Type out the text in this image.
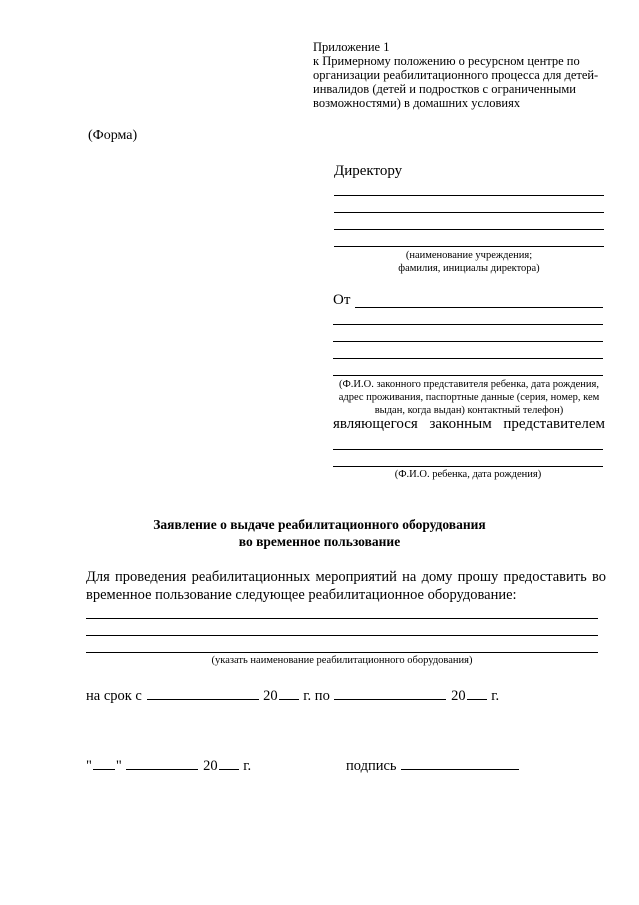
Приложение 1
к Примерному положению о ресурсном центре по
организации реабилитационного процесса для детей-
инвалидов (детей и подростков с ограниченными
возможностями) в домашних условиях
(Форма)
Директору
(наименование учреждения;
фамилия, инициалы директора)
От
(Ф.И.О. законного представителя ребенка, дата рождения,
адрес проживания, паспортные данные (серия, номер, кем
выдан, когда выдан) контактный телефон)
являющегося законным представителем
(Ф.И.О. ребенка, дата рождения)
Заявление о выдаче реабилитационного оборудования
во временное пользование
Для проведения реабилитационных мероприятий на дому прошу предоставить во временное пользование следующее реабилитационное оборудование:
(указать наименование реабилитационного оборудования)
на срок с	20 г. по	20 г.
" "	20 г.	подпись
